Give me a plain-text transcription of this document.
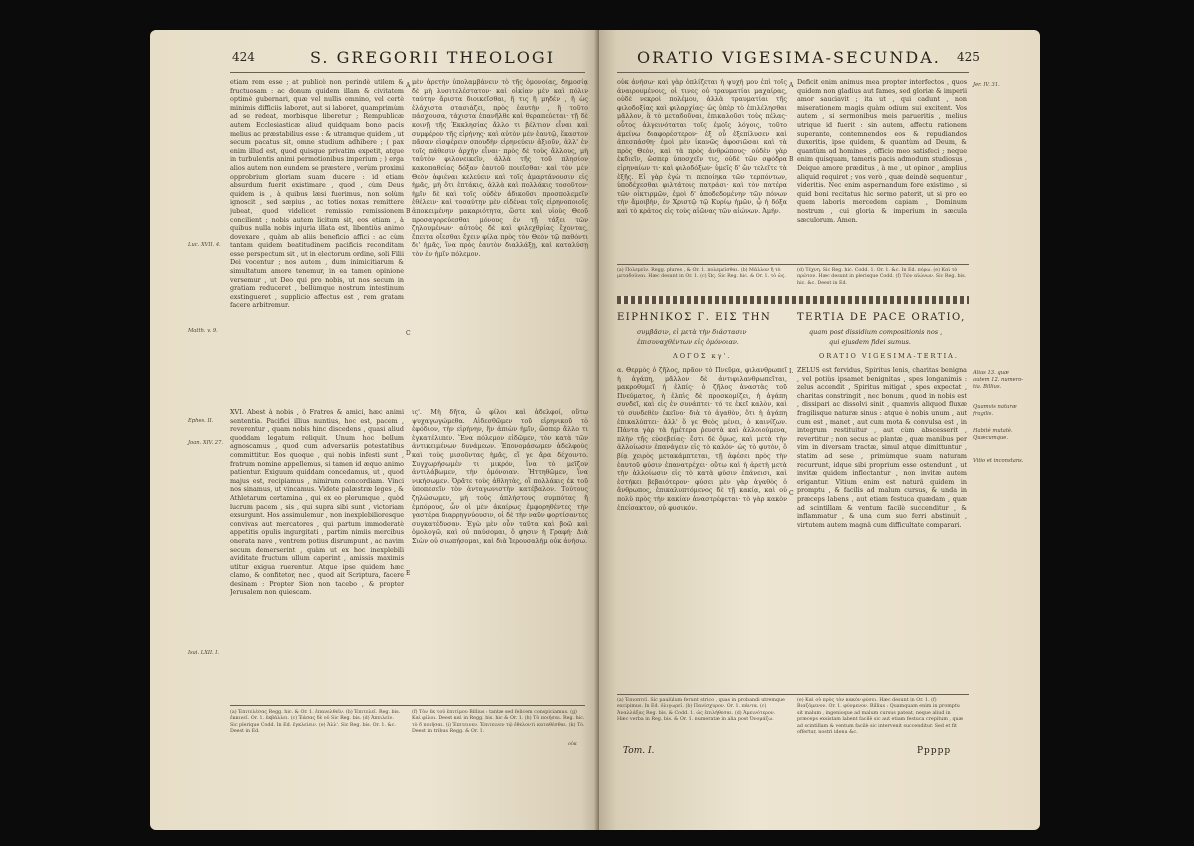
424	S. GREGORII THEOLOGI

etiam rem esse ; at publicè non perindè utilem & fructuosam : ac donum quidem illam & civitatem optimè gubernari, quæ vel nullis omnino, vel certè minimis difficiis laboret, aut si laboret, quamprimùm ad se redeat, morbisque liberetur ; Rempublicæ autem Ecclesiasticæ aliud quidquam bono pacis melius ac præstabilius esse : & utramque quidem , ut secum pacatus sit, omne studium adhibere ; ( pax enim illud est, quod quisque privatim expetit, atque in turbulentis animi permotionibus imperium ; ) erga alios autem non eundem se præstere , verùm proximi opprobrium gloriam suam ducere : id etiam absurdum fuerit existimare , quod , cùm Deus quidem is , à quibus læsi fuerimus, non solùm ignoscit , sed sæpius , ac toties noxas remittere jubeat, quod videlicet remissio remissionem concilient ; nobis autem licitum sit, eos etiam , à quibus nulla nobis injuria illata est, libentiùs animo dovexare , quàm ab aliis beneficio affici : ac cùm tantam quidem beatitudinem pacificis reconditam esse perspectum sit , ut in electorum ordine, soli Filii Dei vocentur ; nos autem , dum inimicitiarum & simultatum amore tenemur, in ea tamen opinione versemur , ut Deo qui pro nobis, ut nos secum in gratiam reduceret , bellùmque nostrum intestinum exstingueret , supplicio affectus est , rem gratam facere arbitremur.

XVI. Abest à nobis , ô Fratres & amici, hæc animi sententia. Pacifici illius nuntius, hoc est, pacem , reverentur , quam nobis hinc discedens , quasi aliud quoddam legatum reliquit. Unum hoc bellum agnoscamus , quod cum adversariis potestatibus committitur. Eos quoque , qui nobis infesti sunt , fratrum nomine appellemus, si tamen id æquo animo patientur. Exiguum quiddam concedamus, ut , quod majus est, recipiamus , nimirum concordiam. Vinci nos sinamus, ut vincamus. Videte palæstræ leges , & Athletarum certamina , qui ex eo plerumque , quòd lucrum pacem , sis , qui supra sibi sunt , victoriam exsurgunt. Hos assimulemur , non inexplebilioresque convivas aut mercatores , qui partum immoderatè appetitis opulis ingurgitati , partim nimiis mercibus onerata nave , ventrem potius disrumpunt , ac navim secum demerserint , quàm ut ex hoc inexplebili aviditate fructum ullum caperint , amissis maximis utitur exigua ruerentur. Atque ipse quidem hæc clamo, & confitetor, nec , quod ait Scriptura, facere desinam : Propter Sion non tacebo , & propter Jerusalem non quiescam.

A
B
C
D
E

μὲν ἀρετὴν ὑπολαμβάνειν τὸ τῆς ὁμονοίας, δημοσίᾳ δὲ μὴ λυσιτελέστατον· καὶ οἰκίαν μὲν καὶ πόλιν ταύτην ἄριστα διοικεῖσθαι, ἣ τις ἢ μηδέν , ἢ ὡς ἐλάχιστα στασιάζει, πρὸς ἑαυτὴν , ἢ τοῦτο πάσχουσα, τάχιστα ἐπανῆλθε καὶ θεραπεύεται· τῇ δὲ κοινῇ τῆς Ἐκκλησίας ἄλλο τι βέλτιον εἶναι καὶ συμφέρον τῆς εἰρήνης· καὶ αὐτὸν μὲν ἑαυτῷ, ἕκαστον πᾶσαν εἰσφέρειν σπουδὴν εἰρηνεύειν ἀξιοῦν, ἀλλ' ἐν τοῖς πάθεσιν ἀρχὴν εἶναι· πρὸς δὲ τοὺς ἄλλους, μὴ ταὐτὸν φιλονεικεῖν, ἀλλὰ τῆς τοῦ πλησίον κακοπαθείας δόξαν ἑαυτοῦ ποιεῖσθαι· καὶ τὸν μὲν Θεὸν ἀφιέναι κελεύειν καὶ τοῖς ἁμαρτάνουσιν εἰς ἡμᾶς, μὴ ὅτι ἑπτάκις, ἀλλὰ καὶ πολλάκις τοσοῦτον· ἡμῖν δὲ καὶ τοῖς οὐδὲν ἀδικοῦσι προσπολεμεῖν ἐθέλειν· καὶ τοσαύτην μὲν εἰδέναι τοῖς εἰρηνοποιοῖς ἀποκειμένην μακαριότητα, ὥστε καὶ υἱοὺς Θεοῦ προσαγορεύεσθαι μόνους ἐν τῇ τάξει τῶν ζηλουμένων· αὐτοὺς δὲ καὶ φιλεχθρίας ἔχοντας, ἔπειτα οἴεσθαι ἔχειν φίλα πρὸς τὸν Θεὸν τῷ παθόντι δι' ἡμᾶς, ἵνα πρὸς ἑαυτὸν διαλλάξῃ, καὶ καταλύσῃ τὸν ἐν ἡμῖν πόλεμον.

ις'. Μὴ δῆτα, ὦ φίλοι καὶ ἀδελφοί, οὕτω ψυχαγωγώμεθα. Αἰδεσθῶμεν τοῦ εἰρηνικοῦ τὸ ἐφόδιον, τὴν εἰρήνην, ἣν ἀπιὼν ἡμῖν, ὥσπερ ἄλλο τι ἐγκατέλιπεν. Ἕνα πόλεμον εἰδῶμεν, τὸν κατὰ τῶν ἀντικειμένων δυνάμεων. Ἐπονομάσωμεν ἀδελφοὺς καὶ τοὺς μισοῦντας ἡμᾶς, εἴ γε ἄρα δέχοιντο. Συγχωρήσωμέν τι μικρόν, ἵνα τὸ μεῖζον ἀντιλάβωμεν, τὴν ὁμόνοιαν. Ἡττηθῶμεν, ἵνα νικήσωμεν. Ὁρᾶτε τοὺς ἀθλητὰς, οἳ πολλάκις ἐκ τοῦ ὑποπεσεῖν τὸν ἀνταγωνιστὴν κατέβαλον. Τούτους ζηλώσωμεν, μὴ τοὺς ἀπλήστους συμπότας ἢ ἐμπόρους, ὧν οἱ μὲν ἀκαίρως ἐμφορηθέντες τὴν γαστέρα διαρρηγνύουσιν, οἱ δὲ τὴν ναῦν φορτίσαντες συγκατέδυσαν. Ἐγὼ μὲν οὖν ταῦτα καὶ βοῶ καὶ ὁμολογῶ, καὶ οὐ παύσομαι, ὅ φησιν ἡ Γραφή· Διὰ Σιὼν οὐ σιωπήσομαι, καὶ διὰ Ἱερουσαλὴμ οὐκ ἀνήσω.

Luc. XVII. 4.
Matth. v. 9.
Ephes. II.
Joan. XIV. 27.
Isai. LXII. I.
(a) Ἐπιτελέσας Regg. hic. & Or. 1. ἐπανελθεῖν. (b) Ἐπιτελεῖ. Reg. bis. ἐκκινεῖ. Or. 1. ἐκβάλλει. (c) Ἐάσας δὲ οὐ Sic Reg. bis. (d) Ἀπειλεῖν. Sic plerique Codd. In Ed. ἐγκλείειν. (e) Ἀλλ'. Sic Reg. bis. Or. 1. &c. Deest in Ed.
(f) Τὸν ἐκ τοῦ ἐπιτίμου Billius : tantæ sed felicem conspiciamus. (g) Καὶ φίλοι. Deest καὶ in Regg. bis. hic & Or. 1. (h) Τὸ ποιῆσαι. Reg. hic. τὸ δ ποιῆσαι. (i) Ἐπιτεινεν. Ἐπιτεινεν τῷ ἐθελοντὶ καταθέσθαι. (k) Τὸ. Deest in tribus Regg. & Or. 1.
οὐκ
ORATIO VIGESIMA-SECUNDA. 425

οὐκ ἀνήσω· καὶ γὰρ ὁπλίζεται ἡ ψυχή μου ἐπὶ τοῖς ἀναιρουμένοις, οἱ τινες οὐ τραυματίαι μαχαίρας, οὐδὲ νεκροὶ πολέμου, ἀλλὰ τραυματίαι τῆς φιλοδοξίας καὶ φιλαρχίας· ὡς ὑπὲρ τὸ ἐπιλέλησθαι μᾶλλον, ἃ τὸ μεταδοῦναι, ἐπικαλοῦσι τοὺς πέλας· οὗτος ἀλγεινόταται τοῖς ἐμοῖς λόγοις, τοῦτο ἀμείνω διαφορέστερον· ἐξ οὗ ἐξεπίλυσεν καὶ ἀπεσπάσθη· ἐμοὶ μὲν ἱκανῶς ἀφοσιῶσαι καὶ τὰ πρὸς Θεὸν, καὶ τὰ πρὸς ἀνθρώπους· οὐδὲν γὰρ ἐκδιεῖν, ὥσπερ ὑποσχεῖν τις, οὐδὲ τῶν σφόδρα εἰρηναίων τι· καὶ φιλοδόξων· ὑμεῖς δ' ὤν τελεῖτε τὰ ἐξῆς. Εἰ γὰρ ἐγὼ τι πεποίηκα τῶν τερπόντων, ὑποδέχεσθαι φιλτάτοις πατράσι· καὶ τὸν πατέρα τῶν οἰκτιρμῶν, ἐμοὶ δ' ἀποδεδομένην τῶν πόνων τὴν ἄμοιβὴν, ἐν Χριστῷ τῷ Κυρίῳ ἡμῶν, ᾧ ἡ δόξα καὶ τὸ κράτος εἰς τοὺς αἰῶνας τῶν αἰώνων. Ἀμήν.

A
B

Deficit enim animus mea propter interfectos , quos quidem non gladius aut fames, sed gloriæ & imperii amor sauciavit ; ita ut , qui cadunt , non miserationem magis quàm odium sui excitent. Vos autem , si sermonibus meis parueritis , melius utrique id fuerit : sin autem, affectu rationem superante, contemnendos eos & repudiandos duxeritis, ipse quidem, & quantùm ad Deum, & quantùm ad homines , officio meo satisfeci ; neque enim quisquam, tameris pacis admodum studiosus , Deique amore præditus , à me , ut opinor , amplius aliquid requiret ; vos verò , quæ deindè sequentur , videritis. Nec enim aspernandum fore existimo , si quid boni recitatus hic sermo paterit, ut si pro eo quem laboris mercedem capiam , Dominum nostrum , cui gloria & imperium in sæcula sæculorum. Amen.

Jer. IV. 31.
(a) Πολεμεῖν. Regg. plures , & Or. 1. πολεμεῖσθαι. (b) Μᾶλλον ἢ τὸ μεταδοῦναι. Hæc desunt in Or. 1. (c) Ὡς. Sic Reg. hic. & Or. 1. τὸ ὡς.
(d) Τέχνη. Sic Reg. hic. Codd. 1. Or. 1. &c. In Ed. πόρω. (e) Καὶ τὸ πρῶτον. Hæc desunt in plerisque Codd. (f) Τῶν αἰώνων. Sic Reg. bis. hic. &c. Deest in Ed.
ΕΙΡΗΝΙΚΟΣ Γ. ΕΙΣ ΤΗΝ	TERTIA DE PACE ORATIO,
συμβᾶσιν, εἰ μετὰ τὴν διάστασιν
ἐπισυναχθέντων εἰς ὁμόνοιαν.
quam post dissidium compositionis nos ,
qui ejusdem fidei sumus.
ΛΟΓΟΣ κγ'.	ORATIO VIGESIMA-TERTIA.

α. Θερμὸς ὁ ζῆλος, πρᾶον τὸ Πνεῦμα, φιλανθρωπεῖ ἡ ἀγάπη, μᾶλλον δὲ ἀντιφιλανθρωπεῖται, μακροθυμεῖ ἡ ἐλπίς· ὁ ζῆλος ἀναστὰς τοῦ Πνεύματος, ἡ ἐλπὶς δὲ προσκομίζει, ἡ ἀγάπη συνδεῖ, καὶ εἰς ἐν συνάπτει· τό τε ἐκεῖ καλὸν, καὶ τὸ συνδεθὲν ἐκεῖνο· διὰ τὸ ἀγαθὸν, ὅτι ἡ ἀγάπη ἐπικαλύπτει· ἀλλ' ὅ γε Θεὸς μένει, ὁ καινίζων. Πάντα γὰρ τὰ ἡμέτερα ῥευστὰ καὶ ἀλλοιούμενα, πλὴν τῆς εὐσεβείας· ἔστι δὲ ὅμως, καὶ μετὰ τὴν ἀλλοίωσιν ἐπανάγειν εἰς τὸ καλόν· ὡς τὸ φυτὸν, ὃ βίᾳ χειρὸς μετακάμπτεται, τῇ ἀφέσει πρὸς τὴν ἑαυτοῦ φύσιν ἐπανατρέχει· οὕτω καὶ ἡ ἀρετὴ μετὰ τὴν ἀλλοίωσιν εἰς τὸ κατὰ φύσιν ἐπάνεισι, καὶ ἐστήκει βεβαιότερον· φύσει μὲν γὰρ ἀγαθὸς ὁ ἄνθρωπος, ἐπικαλυπτόμενος δὲ τῇ κακίᾳ, καὶ οὐ πολὺ πρὸς τὴν κακίαν ἀναστρέφεται· τὸ γὰρ κακὸν ἐπείσακτον, οὐ φυσικόν.

I.
C

ZELUS est fervidus, Spiritus lenis, charitas benigna , vel potiùs ipsamet benignitas , spes longanimis : zelus accendit , Spiritus mitigat , spes expectat , charitas constringit , nec bonum , quod in nobis est , dissipari ac dissolvi sinit , quamvis aliquod fluxæ fragilisque naturæ sinus : atque è nobis unum , aut cum est , manet , aut cum mota & convulsa est , in integrum restituitur , aut cùm abscesserit , revertitur ; non secus ac plantæ , quæ manibus per vim in diversam tractæ, simul atque dimittuntur , statim ad sese , primùmque suam naturam recurrunt, idque sibi proprium esse ostendunt , ut invitæ quidem inflectantur , non invitæ autem erigantur. Vitium enim est naturâ quidem in promptu , & facilis ad malum cursus, & unda in præceps labens , aut etiam festuca quædam , quæ ad scintillam & ventum facilè succenditur , & inflammatur , & una cum suo ferri abstinuit , virtutem autem magnâ cum difficultate comparari.

Alias 13. quæ autem 12. numero-tia. Billius.
Quamvis naturæ fragilis.
Habitè mutatè. Quæcumque.
Vitio et inconstans.
(a) Ἐπιοπτεῖ. Sic paulùlum ferunt strico , quas in probandi utremque excipimus. In Ed. ὀλιγωρεῖ. (b) Πανίσχυρον. Or. 1. πάντα. (c) Ἀναλλάξας Reg. bis. & Codd. 1. ὡς ἐπιλήθεσαι. (d) Ἀμεινότερον. Hæc verba in Reg. bis. & Or. 1. numeratæ in alia post Ὀνομάζω.
(e) Καὶ οὐ πρὸς τὸν κακὸν φύσει. Hæc desunt in Or. 1. (f) Βιαζόμενον. Or. 1. φύομενον. Billius : Quamquam enim in promptu sit malum , ingenioque ad malum cursus pateat, neque aliud in præceps exsistam labent facilè sic aut etiam festuca crepitum , quæ ad scintillam & ventum facilè sic intervenit succenditur. Sed et fit offertur, nostri idenu &c.
Tom. I.	Ppppp
